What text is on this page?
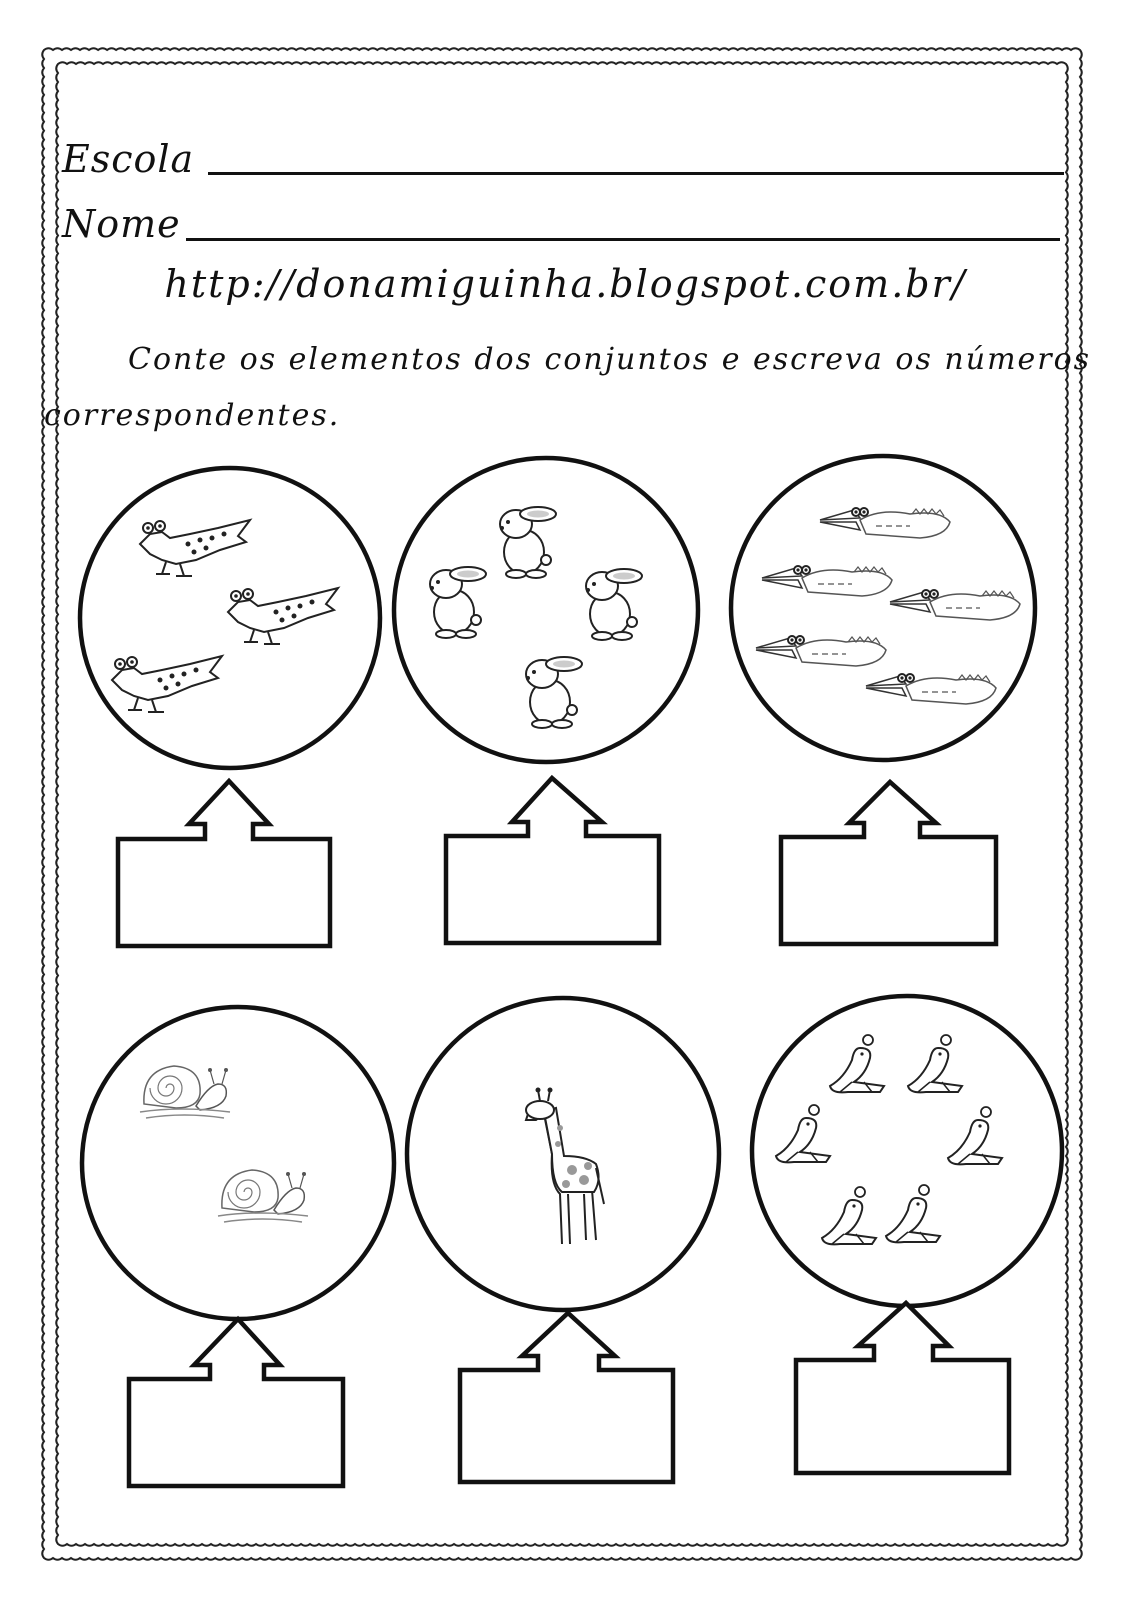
Escola
Nome
http://donamiguinha.blogspot.com.br/
Conte os elementos dos conjuntos e escreva os números
correspondentes.
